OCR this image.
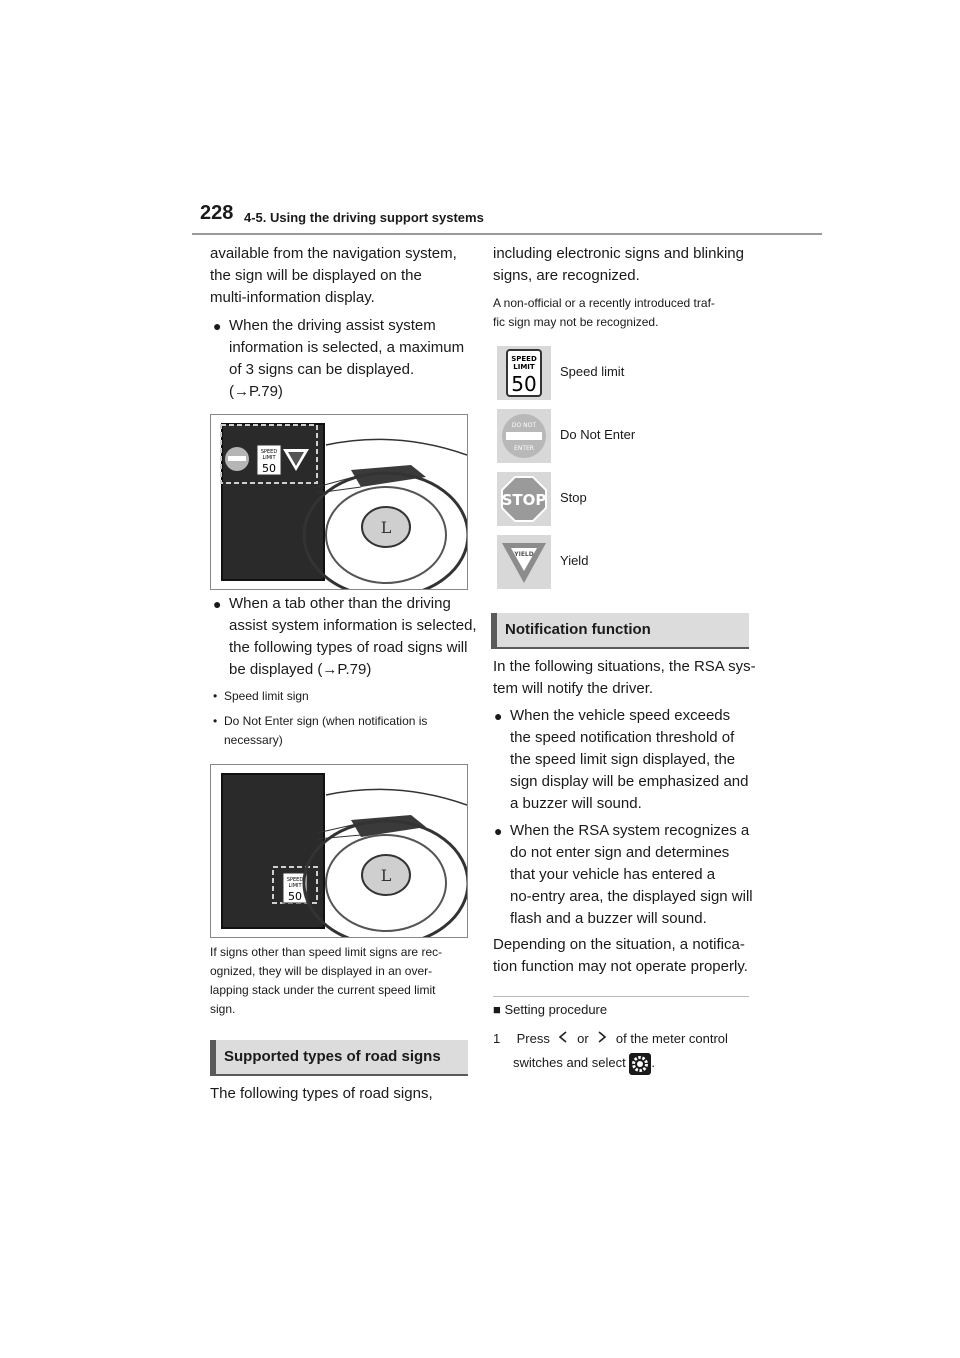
228 4-5. Using the driving support systems
available from the navigation system,
the sign will be displayed on the
multi-information display.
● When the driving assist system
information is selected, a maximum
of 3 signs can be displayed.
(→P.79)
SPEED
LIMIT
50
L
● When a tab other than the driving
assist system information is selected,
the following types of road signs will
be displayed (→P.79)
• Speed limit sign
• Do Not Enter sign (when notification is
necessary)
SPEED
LIMIT
50
L
If signs other than speed limit signs are rec-
ognized, they will be displayed in an over-
lapping stack under the current speed limit
sign.
Supported types of road signs
The following types of road signs,
including electronic signs and blinking
signs, are recognized.
A non-official or a recently introduced traf-
fic sign may not be recognized.
SPEED
LIMIT
50
Speed limit
DO NOT
ENTER
Do Not Enter
STOP Stop
YIELD Yield
Notification function
In the following situations, the RSA sys-
tem will notify the driver.
● When the vehicle speed exceeds
the speed notification threshold of
the speed limit sign displayed, the
sign display will be emphasized and
a buzzer will sound.
● When the RSA system recognizes a
do not enter sign and determines
that your vehicle has entered a
no-entry area, the displayed sign will
flash and a buzzer will sound.
Depending on the situation, a notifica-
tion function may not operate properly.
■ Setting procedure
1 Press or of the meter control
switches and select .
